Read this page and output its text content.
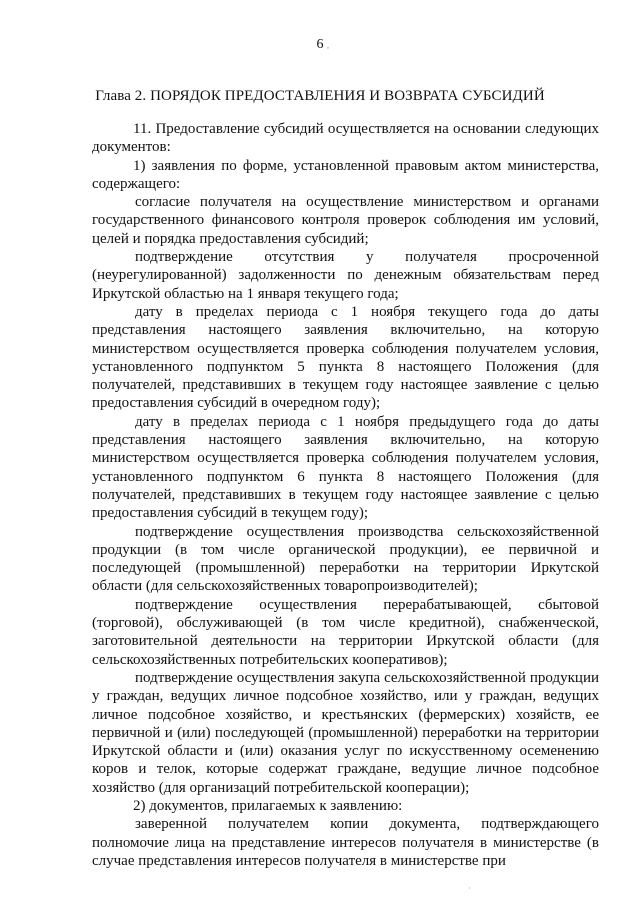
6
Глава 2. ПОРЯДОК ПРЕДОСТАВЛЕНИЯ И ВОЗВРАТА СУБСИДИЙ

11. Предоставление субсидий осуществляется на основании следующих документов:

1) заявления по форме, установленной правовым актом министерства, содержащего:

согласие получателя на осуществление министерством и органами государственного финансового контроля проверок соблюдения им условий, целей и порядка предоставления субсидий;

подтверждение отсутствия у получателя просроченной (неурегулированной) задолженности по денежным обязательствам перед Иркутской областью на 1 января текущего года;

дату в пределах периода с 1 ноября текущего года до даты представления настоящего заявления включительно, на которую министерством осуществляется проверка соблюдения получателем условия, установленного подпунктом 5 пункта 8 настоящего Положения (для получателей, представивших в текущем году настоящее заявление с целью предоставления субсидий в очередном году);

дату в пределах периода с 1 ноября предыдущего года до даты представления настоящего заявления включительно, на которую министерством осуществляется проверка соблюдения получателем условия, установленного подпунктом 6 пункта 8 настоящего Положения (для получателей, представивших в текущем году настоящее заявление с целью предоставления субсидий в текущем году);

подтверждение осуществления производства сельскохозяйственной продукции (в том числе органической продукции), ее первичной и последующей (промышленной) переработки на территории Иркутской области (для сельскохозяйственных товаропроизводителей);

подтверждение осуществления перерабатывающей, сбытовой (торговой), обслуживающей (в том числе кредитной), снабженческой, заготовительной деятельности на территории Иркутской области (для сельскохозяйственных потребительских кооперативов);

подтверждение осуществления закупа сельскохозяйственной продукции у граждан, ведущих личное подсобное хозяйство, или у граждан, ведущих личное подсобное хозяйство, и крестьянских (фермерских) хозяйств, ее первичной и (или) последующей (промышленной) переработки на территории Иркутской области и (или) оказания услуг по искусственному осеменению коров и телок, которые содержат граждане, ведущие личное подсобное хозяйство (для организаций потребительской кооперации);

2) документов, прилагаемых к заявлению:

заверенной получателем копии документа, подтверждающего полномочие лица на представление интересов получателя в министерстве (в случае представления интересов получателя в министерстве при

,
·
